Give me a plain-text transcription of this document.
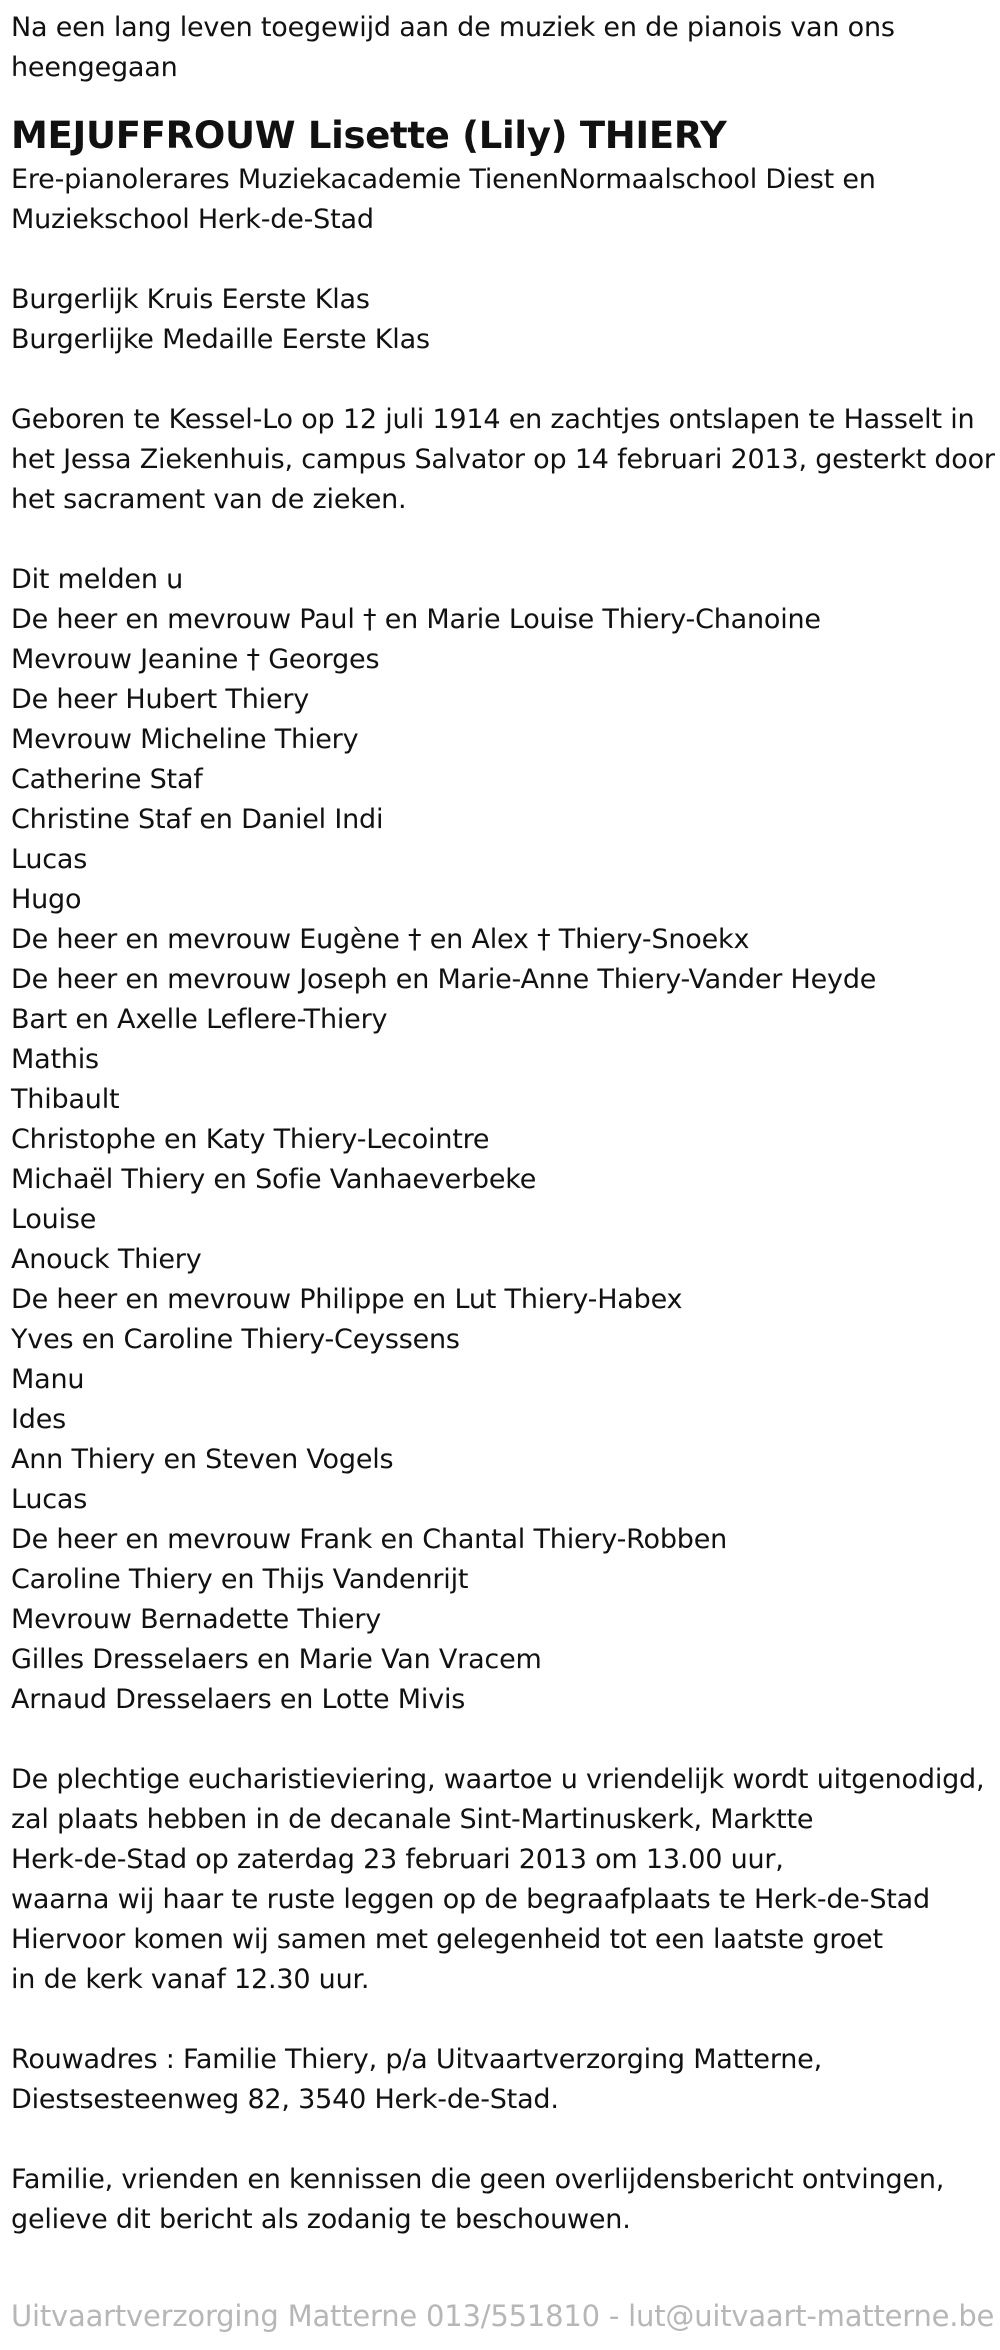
Na een lang leven toegewijd aan de muziek en de pianois van ons
heengegaan
MEJUFFROUW Lisette (Lily) THIERY
Ere-pianolerares Muziekacademie TienenNormaalschool Diest en
Muziekschool Herk-de-Stad
Burgerlijk Kruis Eerste Klas
Burgerlijke Medaille Eerste Klas
Geboren te Kessel-Lo op 12 juli 1914 en zachtjes ontslapen te Hasselt in
het Jessa Ziekenhuis, campus Salvator op 14 februari 2013, gesterkt door
het sacrament van de zieken.
Dit melden u
De heer en mevrouw Paul † en Marie Louise Thiery-Chanoine
Mevrouw Jeanine † Georges
De heer Hubert Thiery
Mevrouw Micheline Thiery
Catherine Staf
Christine Staf en Daniel Indi
Lucas
Hugo
De heer en mevrouw Eugène † en Alex † Thiery-Snoekx
De heer en mevrouw Joseph en Marie-Anne Thiery-Vander Heyde
Bart en Axelle Leflere-Thiery
Mathis
Thibault
Christophe en Katy Thiery-Lecointre
Michaël Thiery en Sofie Vanhaeverbeke
Louise
Anouck Thiery
De heer en mevrouw Philippe en Lut Thiery-Habex
Yves en Caroline Thiery-Ceyssens
Manu
Ides
Ann Thiery en Steven Vogels
Lucas
De heer en mevrouw Frank en Chantal Thiery-Robben
Caroline Thiery en Thijs Vandenrijt
Mevrouw Bernadette Thiery
Gilles Dresselaers en Marie Van Vracem
Arnaud Dresselaers en Lotte Mivis
De plechtige eucharistieviering, waartoe u vriendelijk wordt uitgenodigd,
zal plaats hebben in de decanale Sint-Martinuskerk, Marktte
Herk-de-Stad op zaterdag 23 februari 2013 om 13.00 uur,
waarna wij haar te ruste leggen op de begraafplaats te Herk-de-Stad
Hiervoor komen wij samen met gelegenheid tot een laatste groet
in de kerk vanaf 12.30 uur.
Rouwadres : Familie Thiery, p/a Uitvaartverzorging Matterne,
Diestsesteenweg 82, 3540 Herk-de-Stad.
Familie, vrienden en kennissen die geen overlijdensbericht ontvingen,
gelieve dit bericht als zodanig te beschouwen.
Uitvaartverzorging Matterne 013/551810 - lut@uitvaart-matterne.be
